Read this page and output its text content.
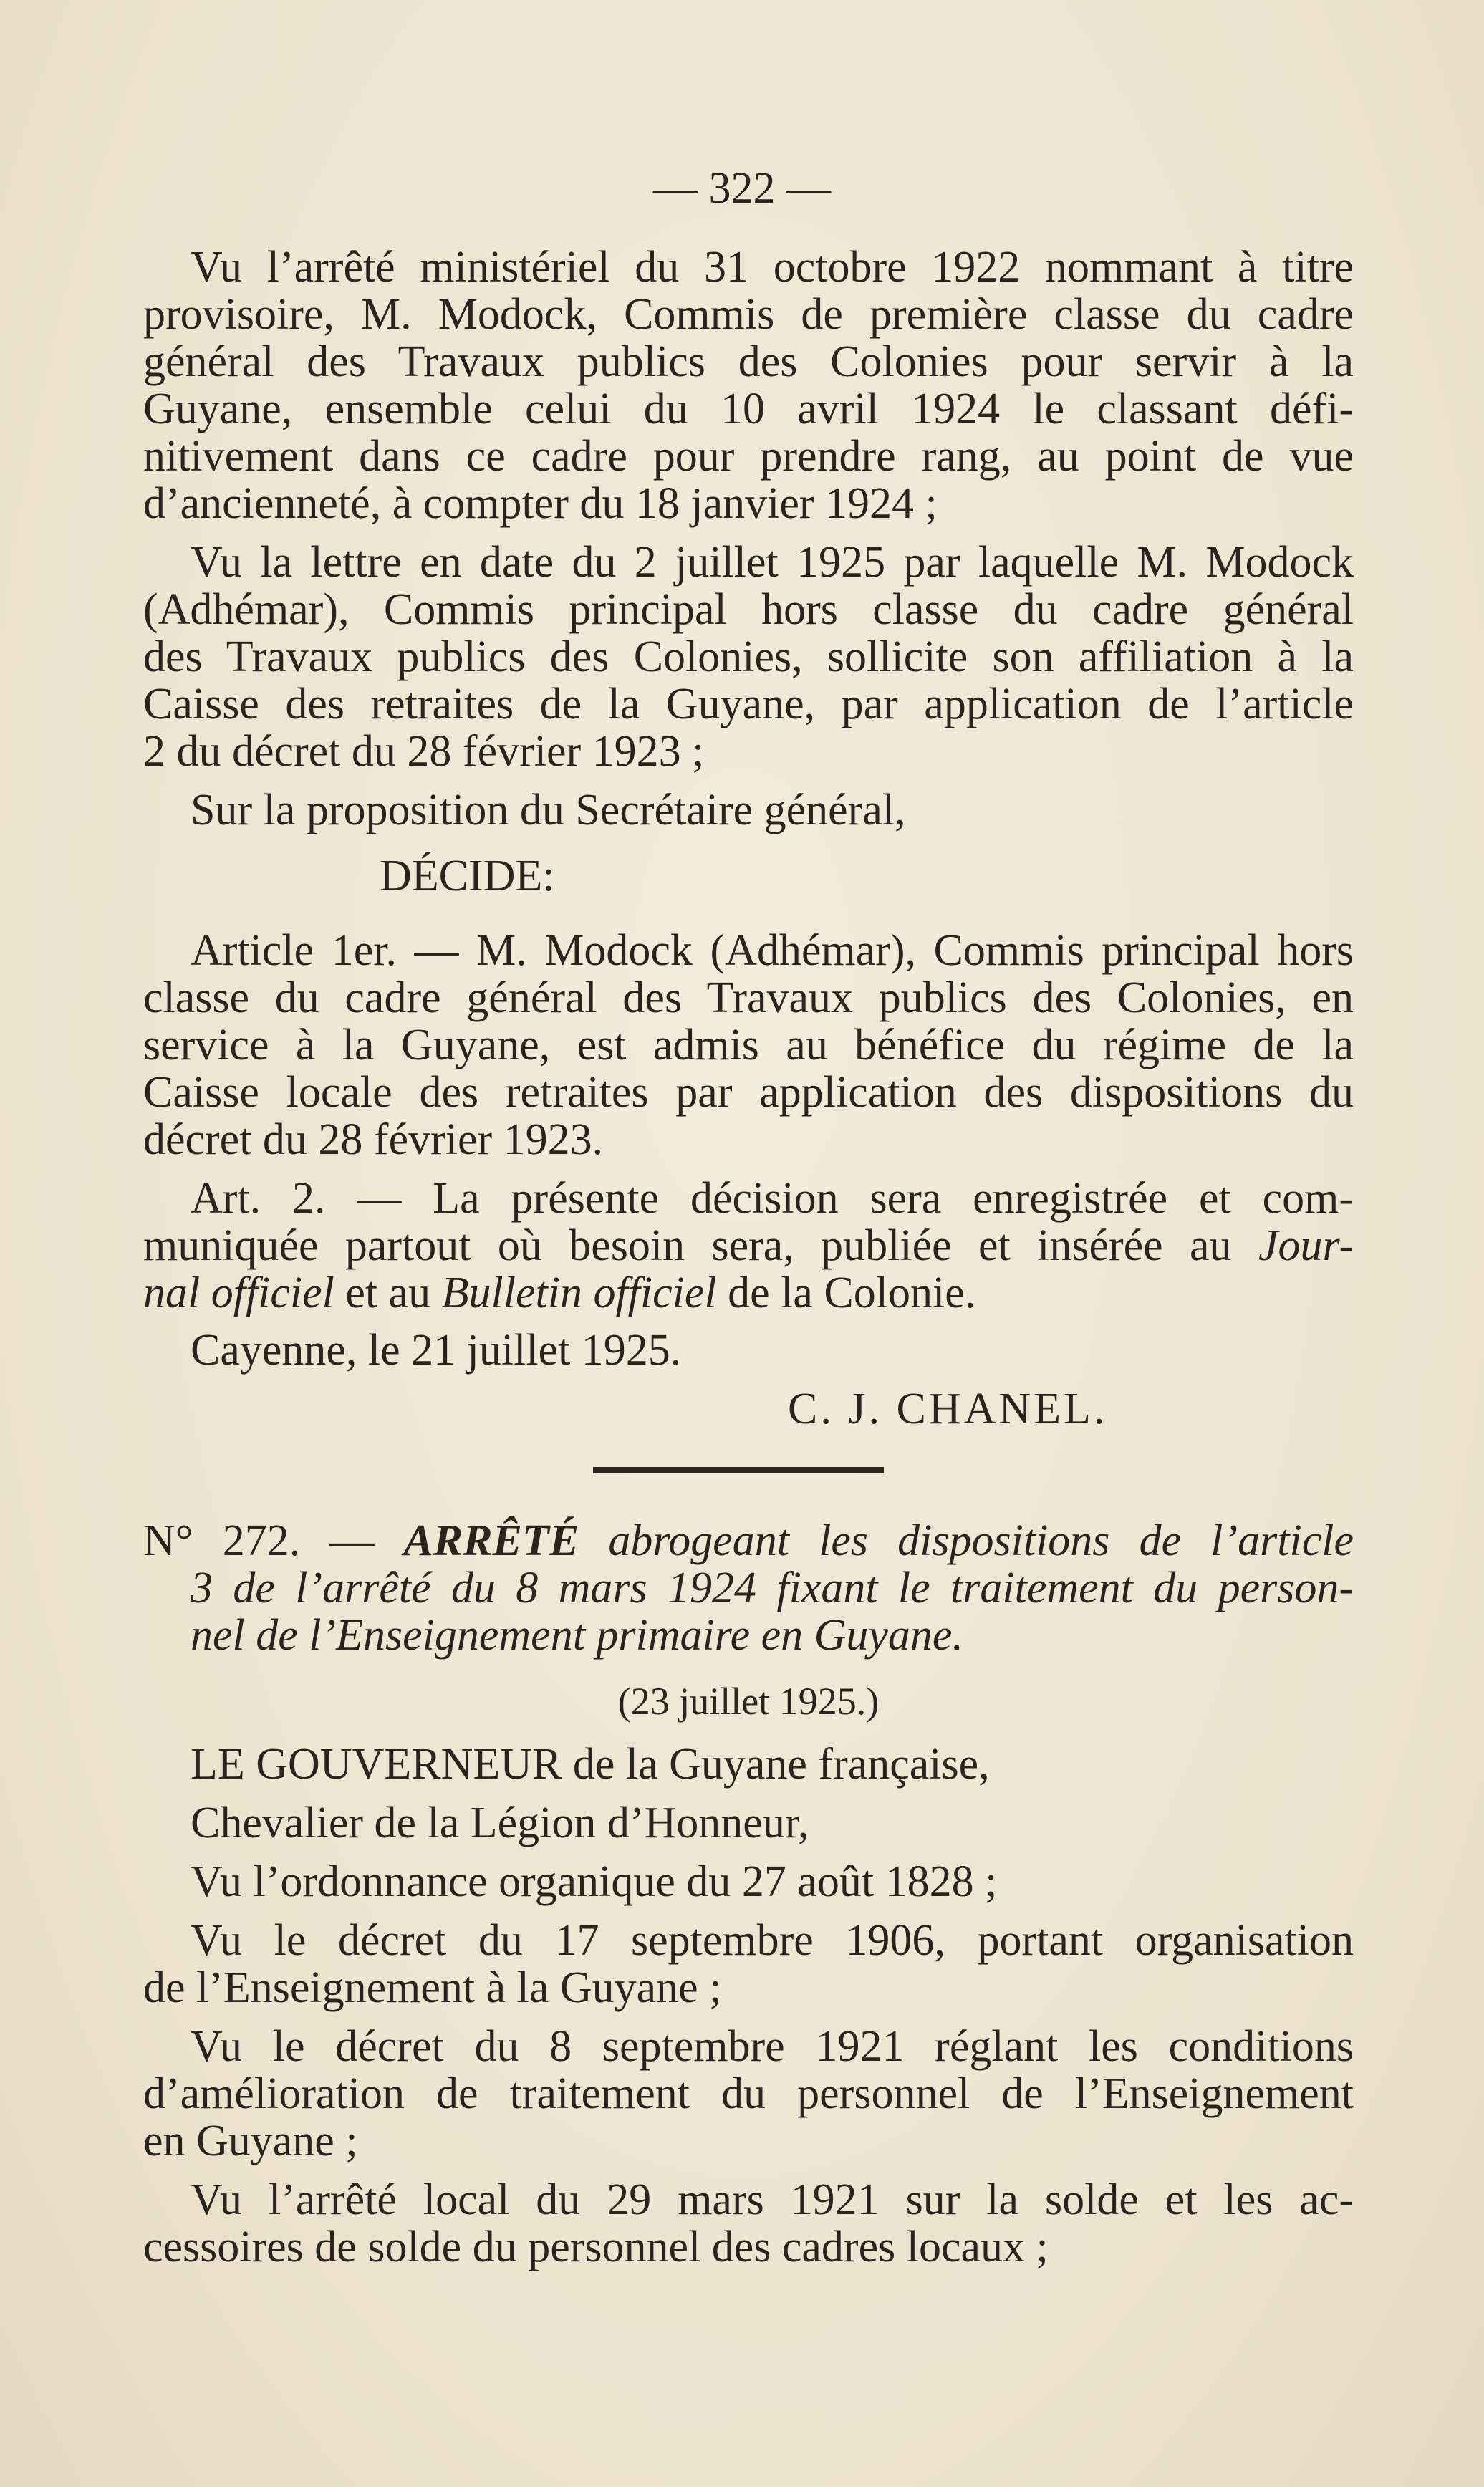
— 322 —
Vu l’arrêté ministériel du 31 octobre 1922 nommant à titre
provisoire, M. Modock, Commis de première classe du cadre
général des Travaux publics des Colonies pour servir à la
Guyane, ensemble celui du 10 avril 1924 le classant défi-
nitivement dans ce cadre pour prendre rang, au point de vue
d’ancienneté, à compter du 18 janvier 1924 ;
Vu la lettre en date du 2 juillet 1925 par laquelle M. Modock
(Adhémar), Commis principal hors classe du cadre général
des Travaux publics des Colonies, sollicite son affiliation à la
Caisse des retraites de la Guyane, par application de l’article
2 du décret du 28 février 1923 ;
Sur la proposition du Secrétaire général,
DÉCIDE:
Article 1er. — M. Modock (Adhémar), Commis principal hors
classe du cadre général des Travaux publics des Colonies, en
service à la Guyane, est admis au bénéfice du régime de la
Caisse locale des retraites par application des dispositions du
décret du 28 février 1923.
Art. 2. — La présente décision sera enregistrée et com-
muniquée partout où besoin sera, publiée et insérée au Jour-
nal officiel et au Bulletin officiel de la Colonie.
Cayenne, le 21 juillet 1925.
C. J. CHANEL.
N° 272. — ARRÊTÉ abrogeant les dispositions de l’article
3 de l’arrêté du 8 mars 1924 fixant le traitement du person-
nel de l’Enseignement primaire en Guyane.
(23 juillet 1925.)
LE GOUVERNEUR de la Guyane française,
Chevalier de la Légion d’Honneur,
Vu l’ordonnance organique du 27 août 1828 ;
Vu le décret du 17 septembre 1906, portant organisation
de l’Enseignement à la Guyane ;
Vu le décret du 8 septembre 1921 réglant les conditions
d’amélioration de traitement du personnel de l’Enseignement
en Guyane ;
Vu l’arrêté local du 29 mars 1921 sur la solde et les ac-
cessoires de solde du personnel des cadres locaux ;
